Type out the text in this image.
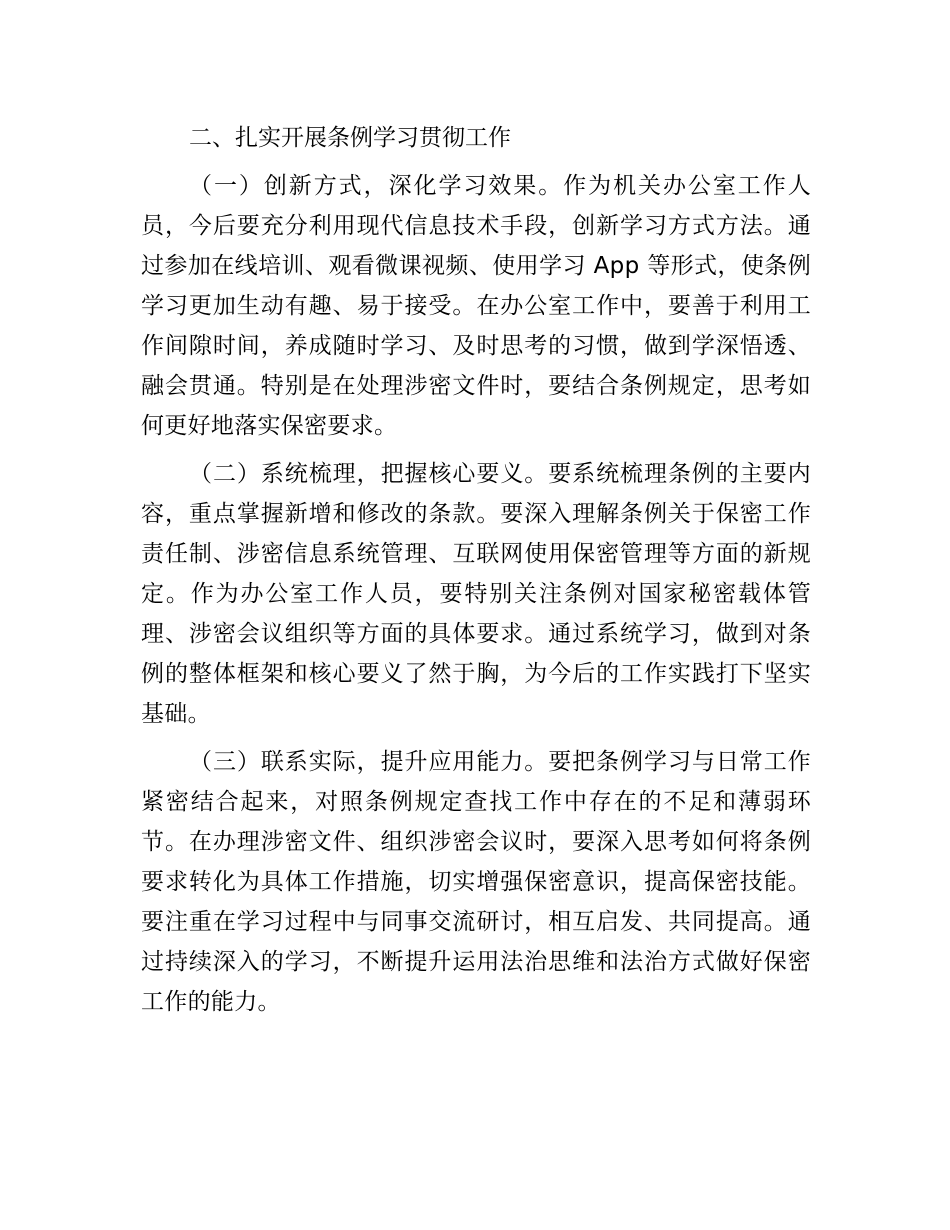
二、扎实开展条例学习贯彻工作

（一）创新方式，深化学习效果。作为机关办公室工作人员，今后要充分利用现代信息技术手段，创新学习方式方法。通过参加在线培训、观看微课视频、使用学习 App 等形式，使条例学习更加生动有趣、易于接受。在办公室工作中，要善于利用工作间隙时间，养成随时学习、及时思考的习惯，做到学深悟透、融会贯通。特别是在处理涉密文件时，要结合条例规定，思考如何更好地落实保密要求。

（二）系统梳理，把握核心要义。要系统梳理条例的主要内容，重点掌握新增和修改的条款。要深入理解条例关于保密工作责任制、涉密信息系统管理、互联网使用保密管理等方面的新规定。作为办公室工作人员，要特别关注条例对国家秘密载体管理、涉密会议组织等方面的具体要求。通过系统学习，做到对条例的整体框架和核心要义了然于胸，为今后的工作实践打下坚实基础。

（三）联系实际，提升应用能力。要把条例学习与日常工作紧密结合起来，对照条例规定查找工作中存在的不足和薄弱环节。在办理涉密文件、组织涉密会议时，要深入思考如何将条例要求转化为具体工作措施，切实增强保密意识，提高保密技能。要注重在学习过程中与同事交流研讨，相互启发、共同提高。通过持续深入的学习，不断提升运用法治思维和法治方式做好保密工作的能力。
